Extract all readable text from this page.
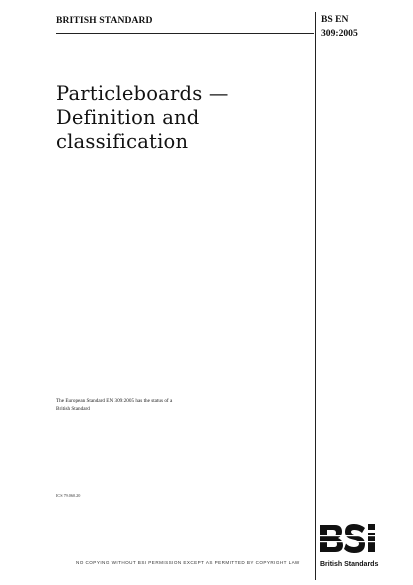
BRITISH STANDARD	BS EN
309:2005
Particleboards —
Definition and
classification
The European Standard EN 309:2005 has the status of a
British Standard
ICS 79.060.20
NO COPYING WITHOUT BSI PERMISSION EXCEPT AS PERMITTED BY COPYRIGHT LAW	British Standards
